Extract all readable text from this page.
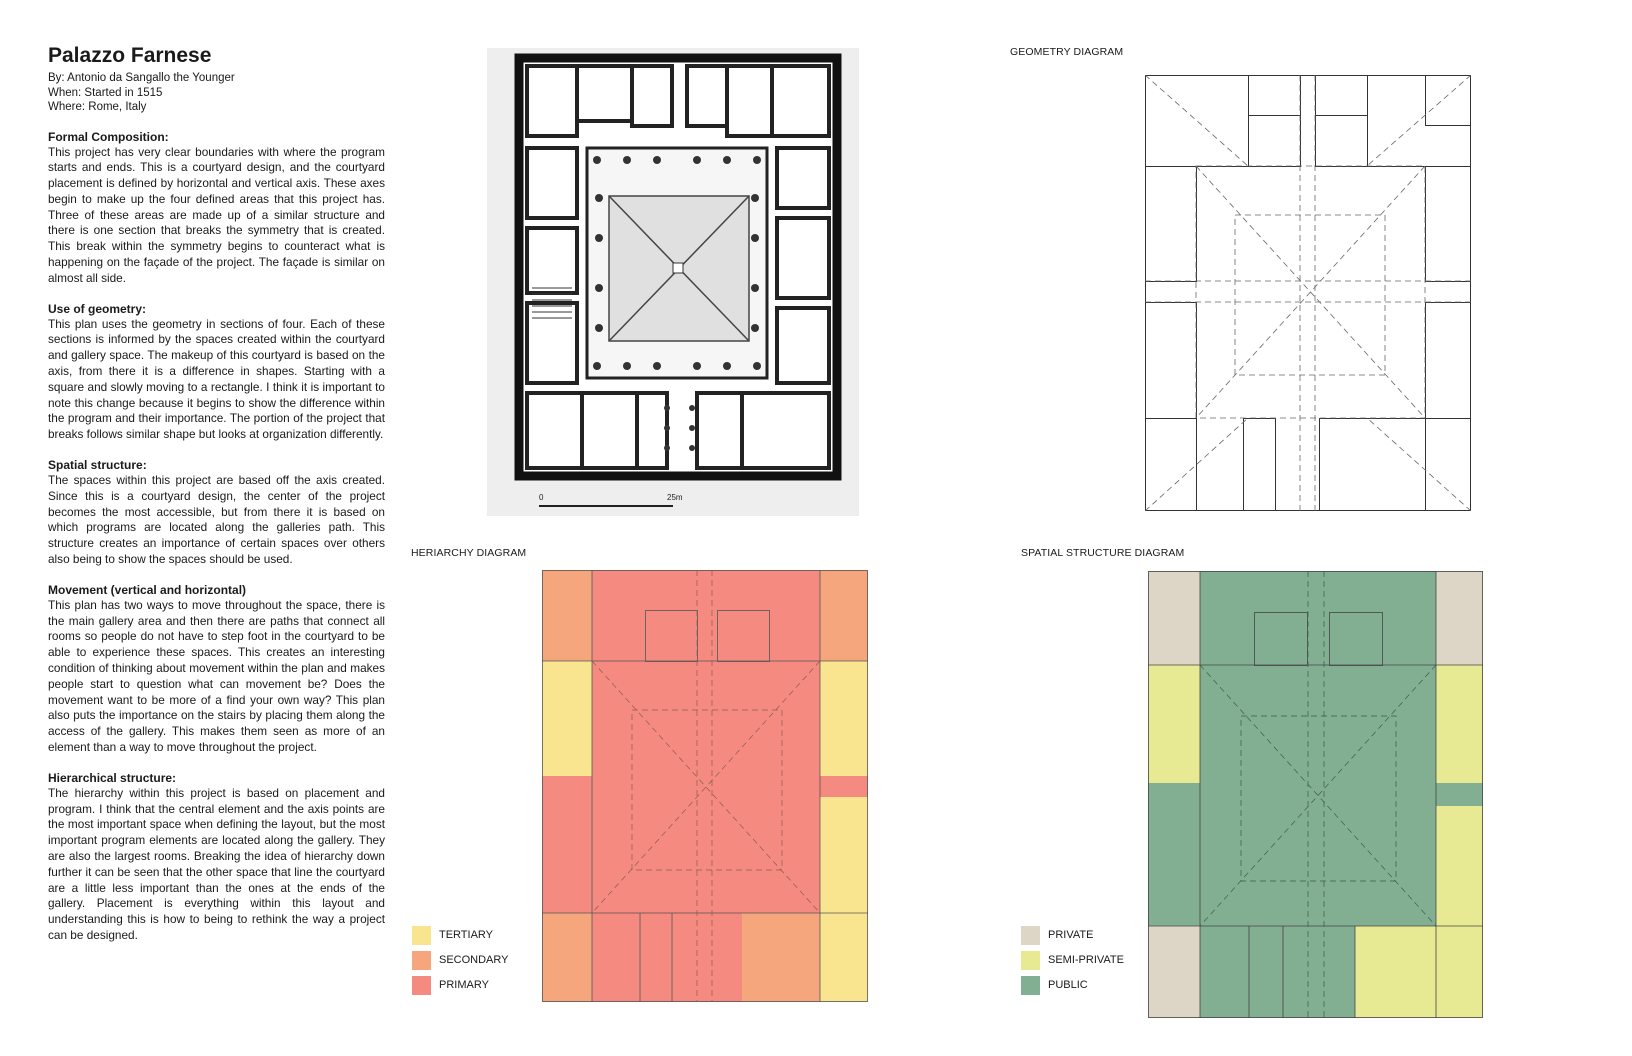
Palazzo Farnese
By: Antonio da Sangallo the Younger
When: Started in 1515
Where: Rome, Italy
Formal Composition:

This project has very clear boundaries with where the program starts and ends. This is a courtyard design, and the courtyard placement is defined by horizontal and vertical axis. These axes begin to make up the four defined areas that this project has. Three of these areas are made up of a similar structure and there is one section that breaks the symmetry that is created. This break within the symmetry begins to counteract what is happening on the façade of the project. The façade is similar on almost all side.

Use of geometry:

This plan uses the geometry in sections of four. Each of these sections is informed by the spaces created within the courtyard and gallery space. The makeup of this courtyard is based on the axis, from there it is a difference in shapes. Starting with a square and slowly moving to a rectangle. I think it is important to note this change because it begins to show the difference within the program and their importance. The portion of the project that breaks follows similar shape but looks at organization differently.

Spatial structure:

The spaces within this project are based off the axis created. Since this is a courtyard design, the center of the project becomes the most accessible, but from there it is based on which programs are located along the galleries path. This structure creates an importance of certain spaces over others also being to show the spaces should be used.

Movement (vertical and horizontal)

This plan has two ways to move throughout the space, there is the main gallery area and then there are paths that connect all rooms so people do not have to step foot in the courtyard to be able to experience these spaces. This creates an interesting condition of thinking about movement within the plan and makes people start to question what can movement be? Does the movement want to be more of a find your own way? This plan also puts the importance on the stairs by placing them along the access of the gallery. This makes them seen as more of an element than a way to move throughout the project.

Hierarchical structure:

The hierarchy within this project is based on placement and program. I think that the central element and the axis points are the most important space when defining the layout, but the most important program elements are located along the gallery. They are also the largest rooms. Breaking the idea of hierarchy down further it can be seen that the other space that line the courtyard are a little less important than the ones at the ends of the gallery. Placement is everything within this layout and understanding this is how to being to rethink the way a project can be designed.

0	25m
GEOMETRY DIAGRAM
HERIARCHY DIAGRAM
TERTIARY
SECONDARY
PRIMARY
SPATIAL STRUCTURE DIAGRAM
PRIVATE
SEMI-PRIVATE
PUBLIC
